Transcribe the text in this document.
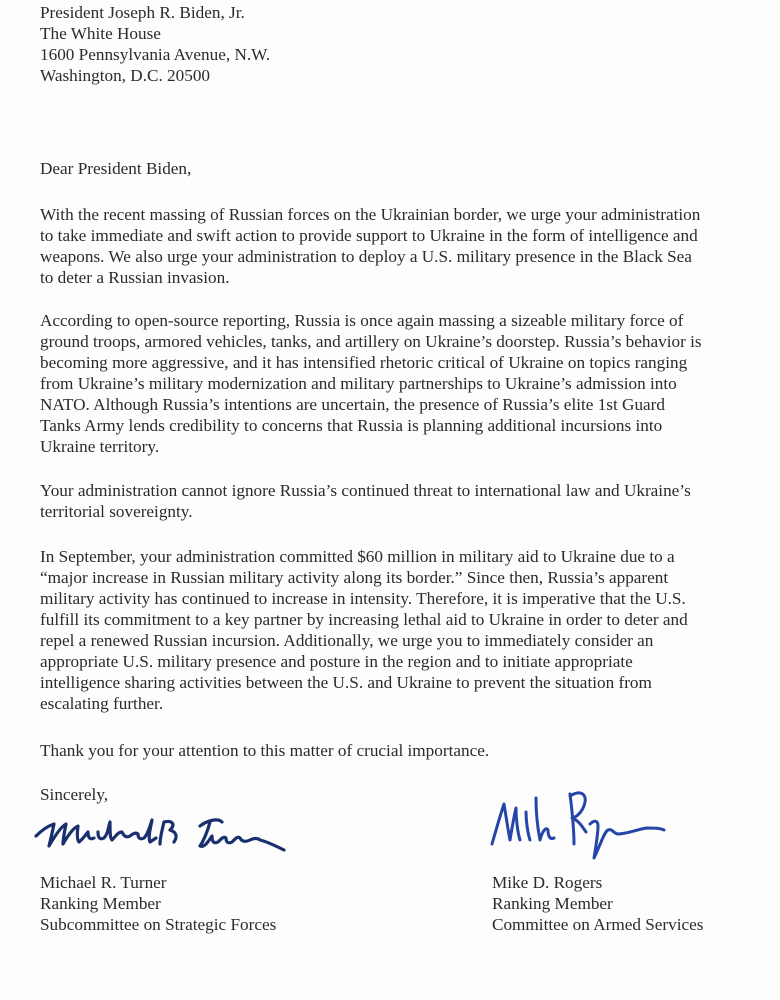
President Joseph R. Biden, Jr.
The White House
1600 Pennsylvania Avenue, N.W.
Washington, D.C. 20500
Dear President Biden,
With the recent massing of Russian forces on the Ukrainian border, we urge your administration
to take immediate and swift action to provide support to Ukraine in the form of intelligence and
weapons. We also urge your administration to deploy a U.S. military presence in the Black Sea
to deter a Russian invasion.
According to open-source reporting, Russia is once again massing a sizeable military force of
ground troops, armored vehicles, tanks, and artillery on Ukraine’s doorstep. Russia’s behavior is
becoming more aggressive, and it has intensified rhetoric critical of Ukraine on topics ranging
from Ukraine’s military modernization and military partnerships to Ukraine’s admission into
NATO. Although Russia’s intentions are uncertain, the presence of Russia’s elite 1st Guard
Tanks Army lends credibility to concerns that Russia is planning additional incursions into
Ukraine territory.
Your administration cannot ignore Russia’s continued threat to international law and Ukraine’s
territorial sovereignty.
In September, your administration committed $60 million in military aid to Ukraine due to a
“major increase in Russian military activity along its border.” Since then, Russia’s apparent
military activity has continued to increase in intensity. Therefore, it is imperative that the U.S.
fulfill its commitment to a key partner by increasing lethal aid to Ukraine in order to deter and
repel a renewed Russian incursion. Additionally, we urge you to immediately consider an
appropriate U.S. military presence and posture in the region and to initiate appropriate
intelligence sharing activities between the U.S. and Ukraine to prevent the situation from
escalating further.
Thank you for your attention to this matter of crucial importance.
Sincerely,
Michael R. Turner
Ranking Member
Subcommittee on Strategic Forces
Mike D. Rogers
Ranking Member
Committee on Armed Services
